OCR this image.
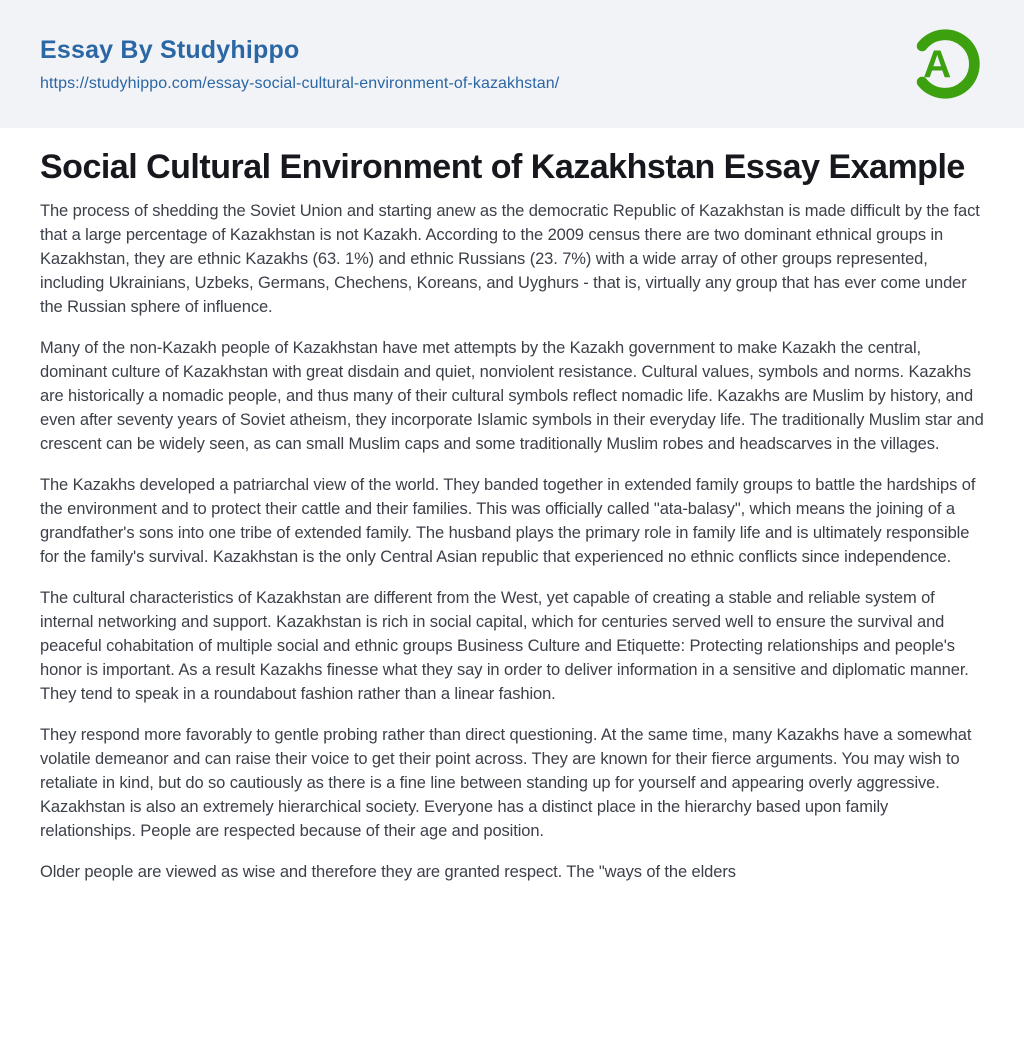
Essay By Studyhippo
https://studyhippo.com/essay-social-cultural-environment-of-kazakhstan/	A
Social Cultural Environment of Kazakhstan Essay Example

The process of shedding the Soviet Union and starting anew as the democratic Republic of Kazakhstan is made difficult by the fact that a large percentage of Kazakhstan is not Kazakh. According to the 2009 census there are two dominant ethnical groups in Kazakhstan, they are ethnic Kazakhs (63. 1%) and ethnic Russians (23. 7%) with a wide array of other groups represented, including Ukrainians, Uzbeks, Germans, Chechens, Koreans, and Uyghurs - that is, virtually any group that has ever come under the Russian sphere of influence.

Many of the non-Kazakh people of Kazakhstan have met attempts by the Kazakh government to make Kazakh the central, dominant culture of Kazakhstan with great disdain and quiet, nonviolent resistance. Cultural values, symbols and norms. Kazakhs are historically a nomadic people, and thus many of their cultural symbols reflect nomadic life. Kazakhs are Muslim by history, and even after seventy years of Soviet atheism, they incorporate Islamic symbols in their everyday life. The traditionally Muslim star and crescent can be widely seen, as can small Muslim caps and some traditionally Muslim robes and headscarves in the villages.

The Kazakhs developed a patriarchal view of the world. They banded together in extended family groups to battle the hardships of the environment and to protect their cattle and their families. This was officially called "ata-balasy", which means the joining of a grandfather's sons into one tribe of extended family. The husband plays the primary role in family life and is ultimately responsible for the family's survival. Kazakhstan is the only Central Asian republic that experienced no ethnic conflicts since independence.

The cultural characteristics of Kazakhstan are different from the West, yet capable of creating a stable and reliable system of internal networking and support. Kazakhstan is rich in social capital, which for centuries served well to ensure the survival and peaceful cohabitation of multiple social and ethnic groups Business Culture and Etiquette: Protecting relationships and people's honor is important. As a result Kazakhs finesse what they say in order to deliver information in a sensitive and diplomatic manner. They tend to speak in a roundabout fashion rather than a linear fashion.

They respond more favorably to gentle probing rather than direct questioning. At the same time, many Kazakhs have a somewhat volatile demeanor and can raise their voice to get their point across. They are known for their fierce arguments. You may wish to retaliate in kind, but do so cautiously as there is a fine line between standing up for yourself and appearing overly aggressive. Kazakhstan is also an extremely hierarchical society. Everyone has a distinct place in the hierarchy based upon family relationships. People are respected because of their age and position.

Older people are viewed as wise and therefore they are granted respect. The "ways of the elders
